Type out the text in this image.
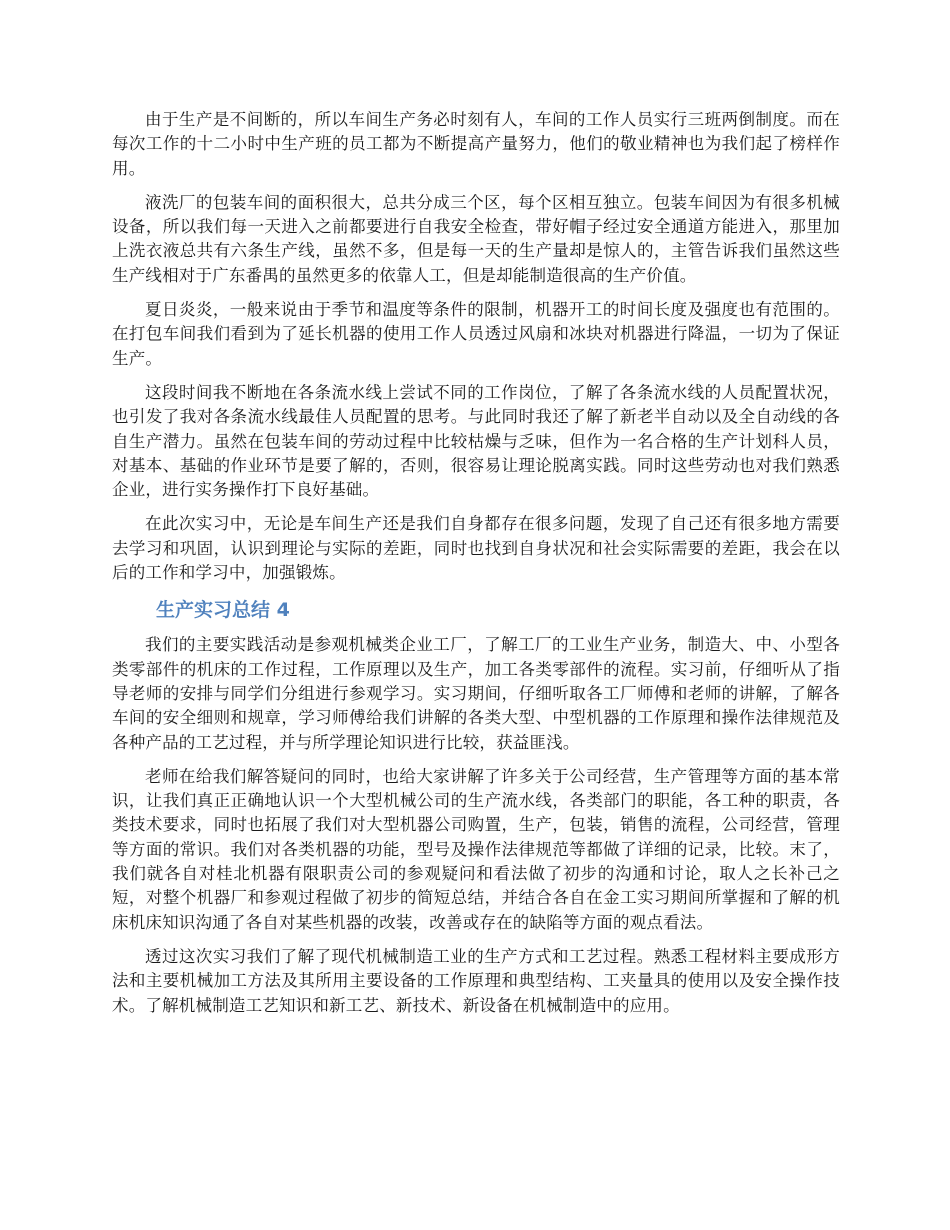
由于生产是不间断的，所以车间生产务必时刻有人，车间的工作人员实行三班两倒制度。而在每次工作的十二小时中生产班的员工都为不断提高产量努力，他们的敬业精神也为我们起了榜样作用。

液洗厂的包装车间的面积很大，总共分成三个区，每个区相互独立。包装车间因为有很多机械设备，所以我们每一天进入之前都要进行自我安全检查，带好帽子经过安全通道方能进入，那里加上洗衣液总共有六条生产线，虽然不多，但是每一天的生产量却是惊人的，主管告诉我们虽然这些生产线相对于广东番禺的虽然更多的依靠人工，但是却能制造很高的生产价值。

夏日炎炎，一般来说由于季节和温度等条件的限制，机器开工的时间长度及强度也有范围的。在打包车间我们看到为了延长机器的使用工作人员透过风扇和冰块对机器进行降温，一切为了保证生产。

这段时间我不断地在各条流水线上尝试不同的工作岗位，了解了各条流水线的人员配置状况，也引发了我对各条流水线最佳人员配置的思考。与此同时我还了解了新老半自动以及全自动线的各自生产潜力。虽然在包装车间的劳动过程中比较枯燥与乏味，但作为一名合格的生产计划科人员，对基本、基础的作业环节是要了解的，否则，很容易让理论脱离实践。同时这些劳动也对我们熟悉企业，进行实务操作打下良好基础。

在此次实习中，无论是车间生产还是我们自身都存在很多问题，发现了自己还有很多地方需要去学习和巩固，认识到理论与实际的差距，同时也找到自身状况和社会实际需要的差距，我会在以后的工作和学习中，加强锻炼。

生产实习总结 4

我们的主要实践活动是参观机械类企业工厂，了解工厂的工业生产业务，制造大、中、小型各类零部件的机床的工作过程，工作原理以及生产，加工各类零部件的流程。实习前，仔细听从了指导老师的安排与同学们分组进行参观学习。实习期间，仔细听取各工厂师傅和老师的讲解，了解各车间的安全细则和规章，学习师傅给我们讲解的各类大型、中型机器的工作原理和操作法律规范及各种产品的工艺过程，并与所学理论知识进行比较，获益匪浅。

老师在给我们解答疑问的同时，也给大家讲解了许多关于公司经营，生产管理等方面的基本常识，让我们真正正确地认识一个大型机械公司的生产流水线，各类部门的职能，各工种的职责，各类技术要求，同时也拓展了我们对大型机器公司购置，生产，包装，销售的流程，公司经营，管理等方面的常识。我们对各类机器的功能，型号及操作法律规范等都做了详细的记录，比较。末了，我们就各自对桂北机器有限职责公司的参观疑问和看法做了初步的沟通和讨论，取人之长补己之短，对整个机器厂和参观过程做了初步的简短总结，并结合各自在金工实习期间所掌握和了解的机床机床知识沟通了各自对某些机器的改装，改善或存在的缺陷等方面的观点看法。

透过这次实习我们了解了现代机械制造工业的生产方式和工艺过程。熟悉工程材料主要成形方法和主要机械加工方法及其所用主要设备的工作原理和典型结构、工夹量具的使用以及安全操作技术。了解机械制造工艺知识和新工艺、新技术、新设备在机械制造中的应用。
